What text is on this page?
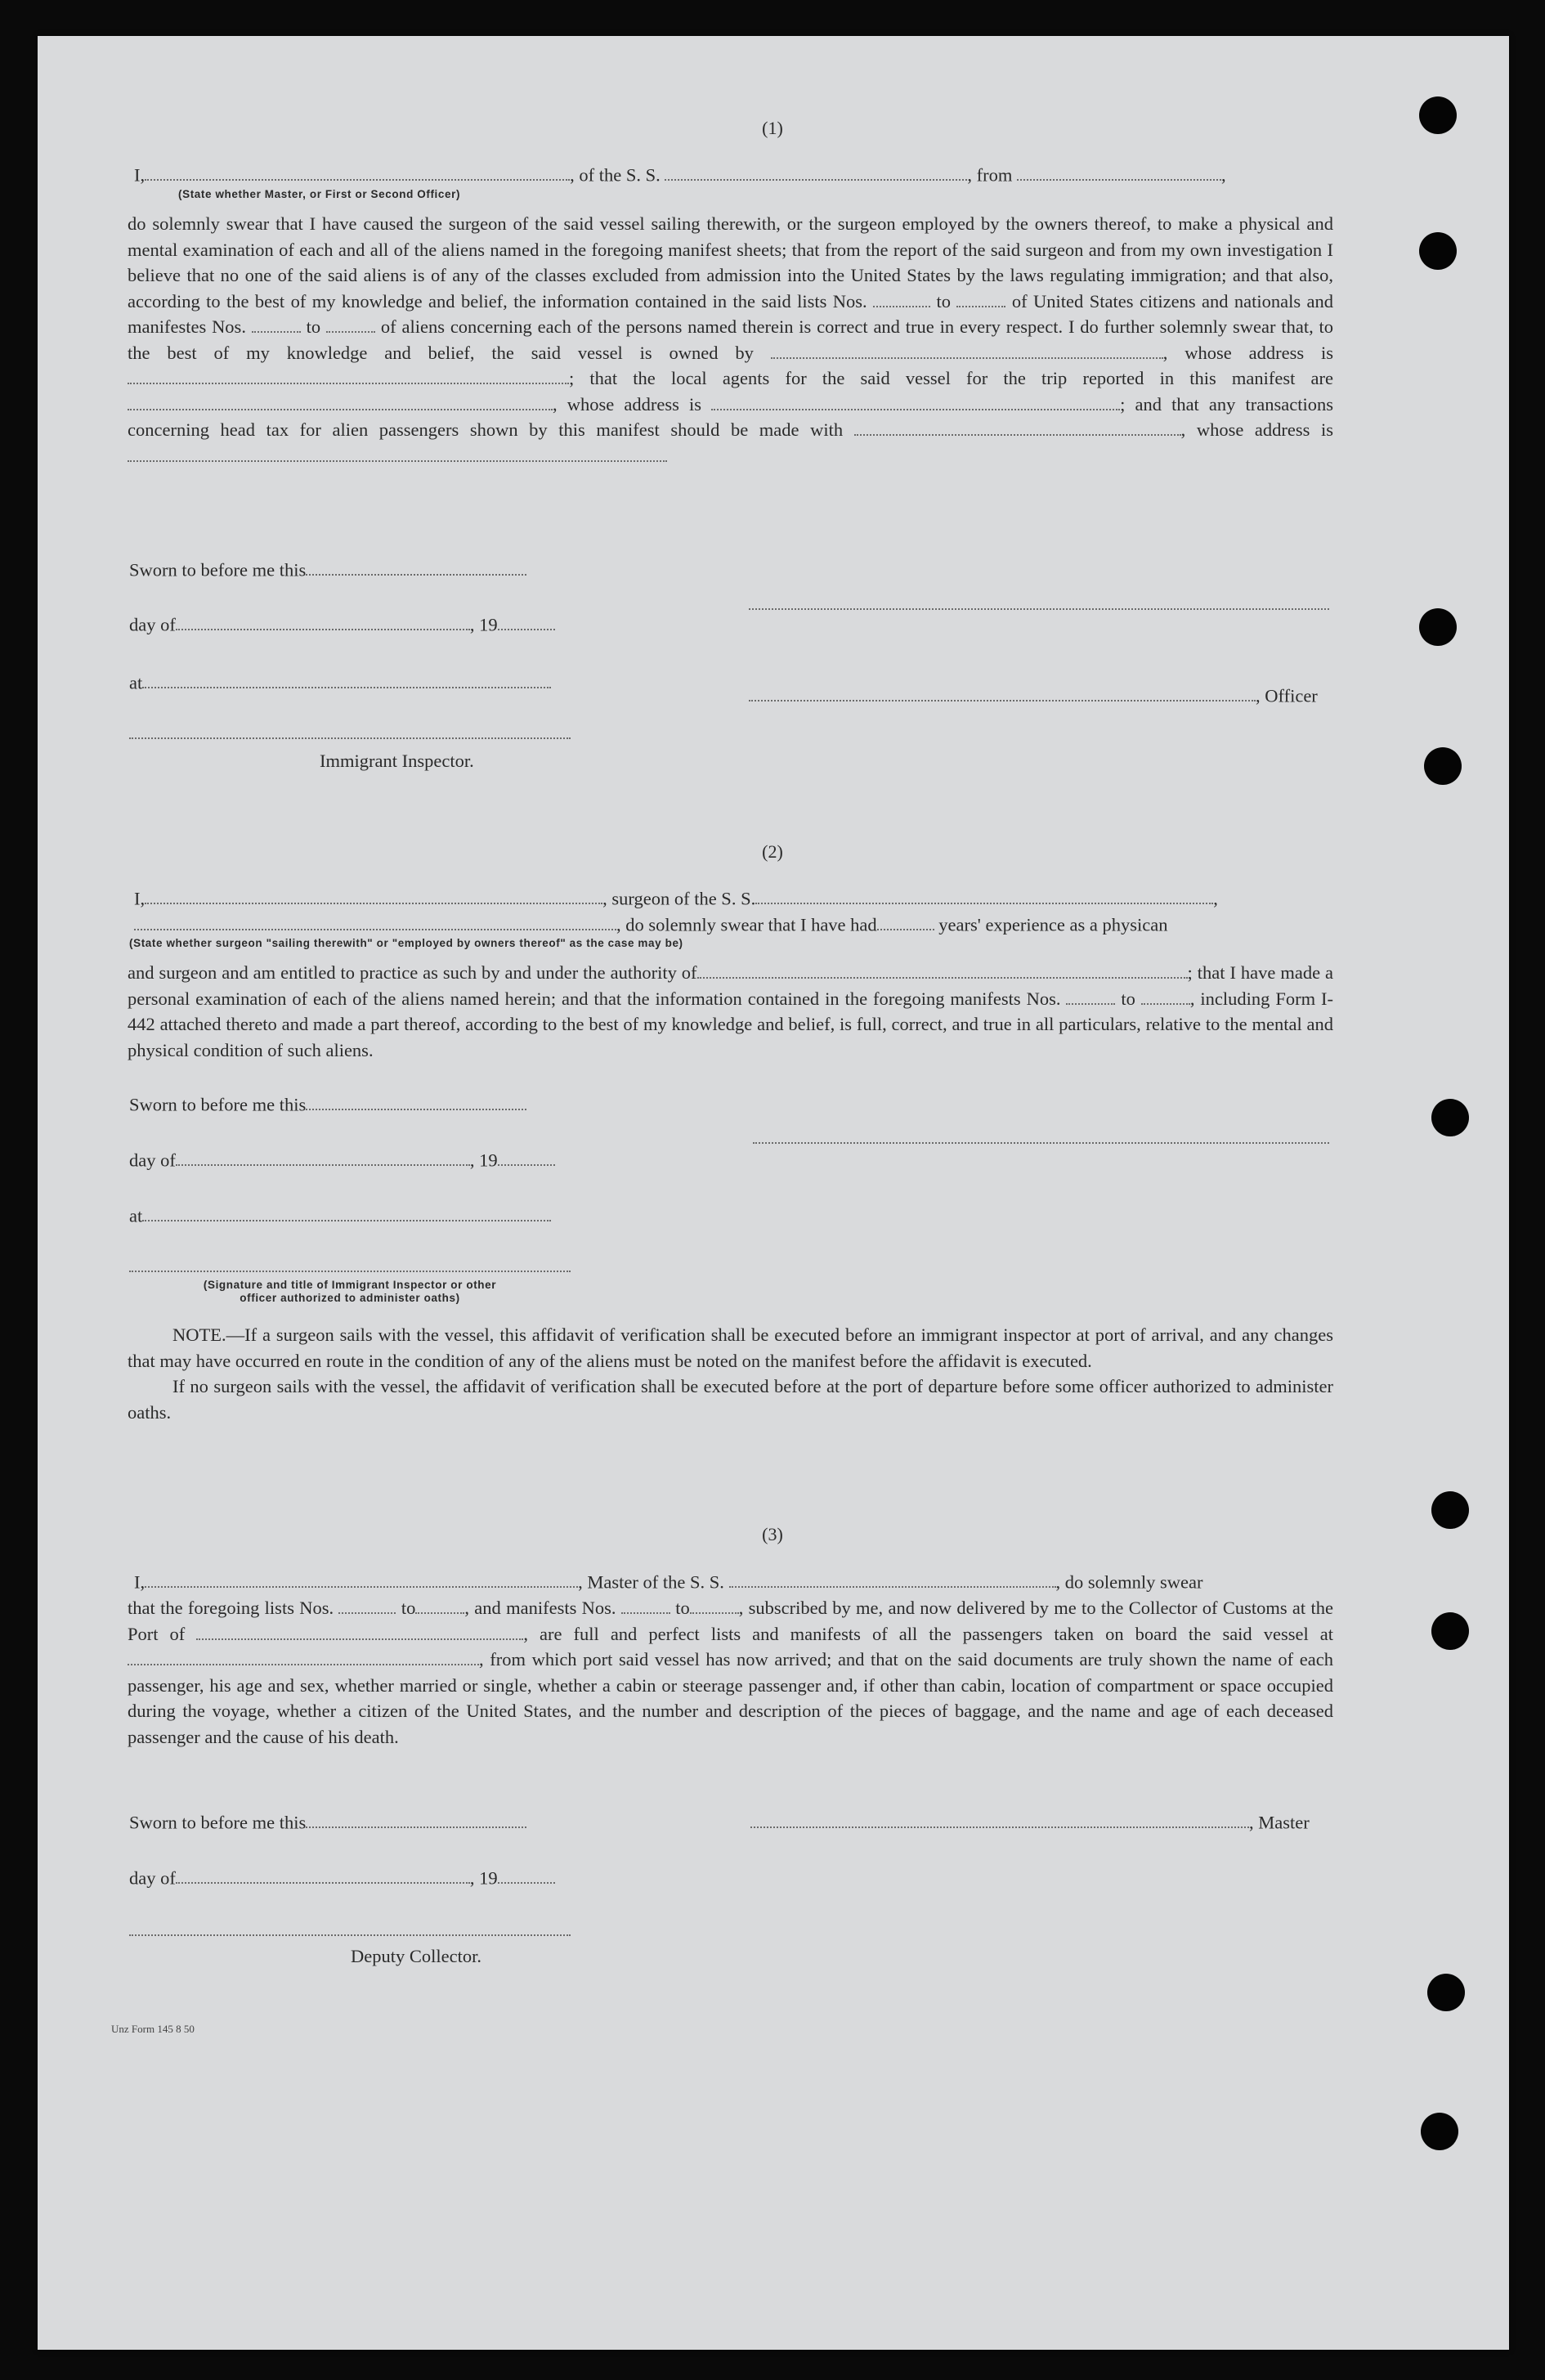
(1)
I,	, of the S. S.	, from	,
(State whether Master, or First or Second Officer)
do solemnly swear that I have caused the surgeon of the said vessel sailing therewith, or the surgeon employed by the owners thereof, to make a physical and mental examination of each and all of the aliens named in the foregoing manifest sheets; that from the report of the said surgeon and from my own investigation I believe that no one of the said aliens is of any of the classes excluded from admission into the United States by the laws regulating immigration; and that also, according to the best of my knowledge and belief, the information contained in the said lists Nos.	to	of United States citizens and nationals and manifestes Nos.	to	of aliens concerning each of the persons named therein is correct and true in every respect. I do further solemnly swear that, to the best of my knowledge and belief, the said vessel is owned by	, whose address is ; that the local agents for the said vessel for the trip reported in this manifest are , whose address is	; and that any transactions concerning head tax for alien passengers shown by this manifest should be made with	, whose address is
Sworn to before me this
day of	, 19
at
, Officer
Immigrant Inspector.
(2)
I,	, surgeon of the S. S.	,
, do solemnly swear that I have had	years' experience as a physican
(State whether surgeon "sailing therewith" or "employed by owners thereof" as the case may be)
and surgeon and am entitled to practice as such by and under the authority of	; that I have made a personal examination of each of the aliens named herein; and that the information contained in the foregoing manifests Nos.	to	, including Form I-442 attached thereto and made a part thereof, according to the best of my knowledge and belief, is full, correct, and true in all particulars, relative to the mental and physical condition of such aliens.
Sworn to before me this
day of	, 19
at
(Signature and title of Immigrant Inspector or other
officer authorized to administer oaths)

NOTE.—If a surgeon sails with the vessel, this affidavit of verification shall be executed before an immigrant inspector at port of arrival, and any changes that may have occurred en route in the condition of any of the aliens must be noted on the manifest before the affidavit is executed.

If no surgeon sails with the vessel, the affidavit of verification shall be executed before at the port of departure before some officer authorized to administer oaths.

(3)
I,	, Master of the S. S.	, do solemnly swear
that the foregoing lists Nos.	to	, and manifests Nos.	to	, subscribed by me, and now delivered by me to the Collector of Customs at the Port of	, are full and perfect lists and manifests of all the passengers taken on board the said vessel at , from which port said vessel has now arrived; and that on the said documents are truly shown the name of each passenger, his age and sex, whether married or single, whether a cabin or steerage passenger and, if other than cabin, location of compartment or space occupied during the voyage, whether a citizen of the United States, and the number and description of the pieces of baggage, and the name and age of each deceased passenger and the cause of his death.
Sworn to before me this	, Master
day of	, 19
Deputy Collector.
Unz Form 145 8 50
